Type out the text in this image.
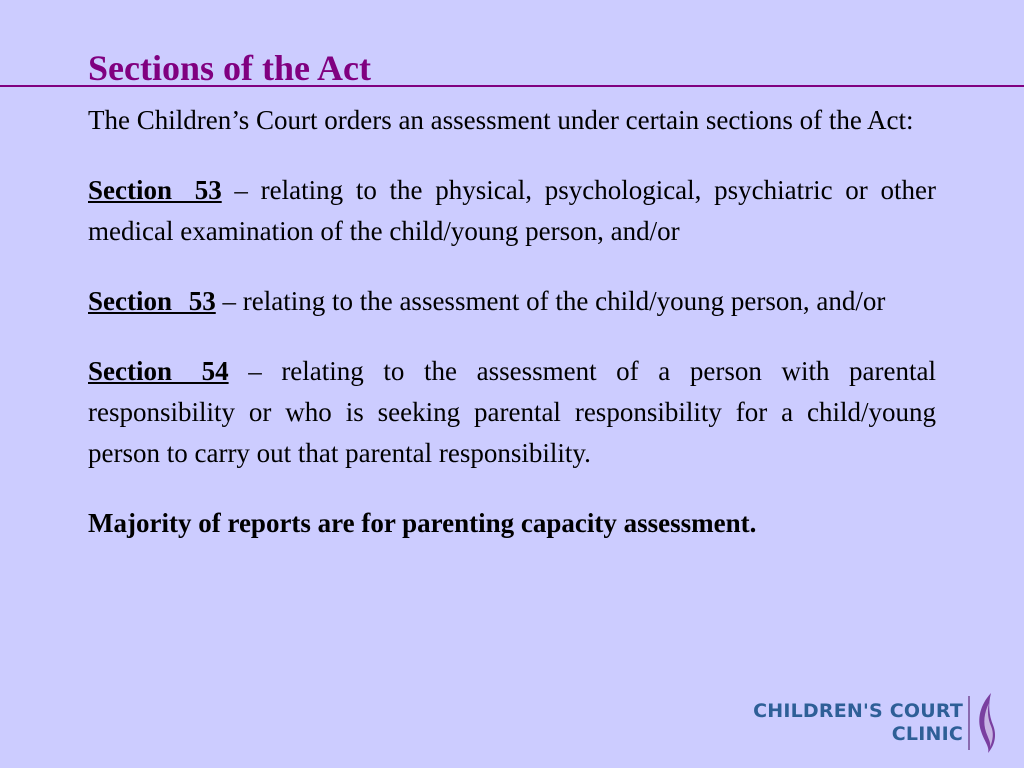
Sections of the Act

The Children’s Court orders an assessment under certain sections of the Act:

Section 53 – relating to the physical, psychological, psychiatric or other medical examination of the child/young person, and/or

Section 53 – relating to the assessment of the child/young person, and/or

Section 54 – relating to the assessment of a person with parental responsibility or who is seeking parental responsibility for a child/young person to carry out that parental responsibility.

Majority of reports are for parenting capacity assessment.

CHILDREN'S COURT
CLINIC
